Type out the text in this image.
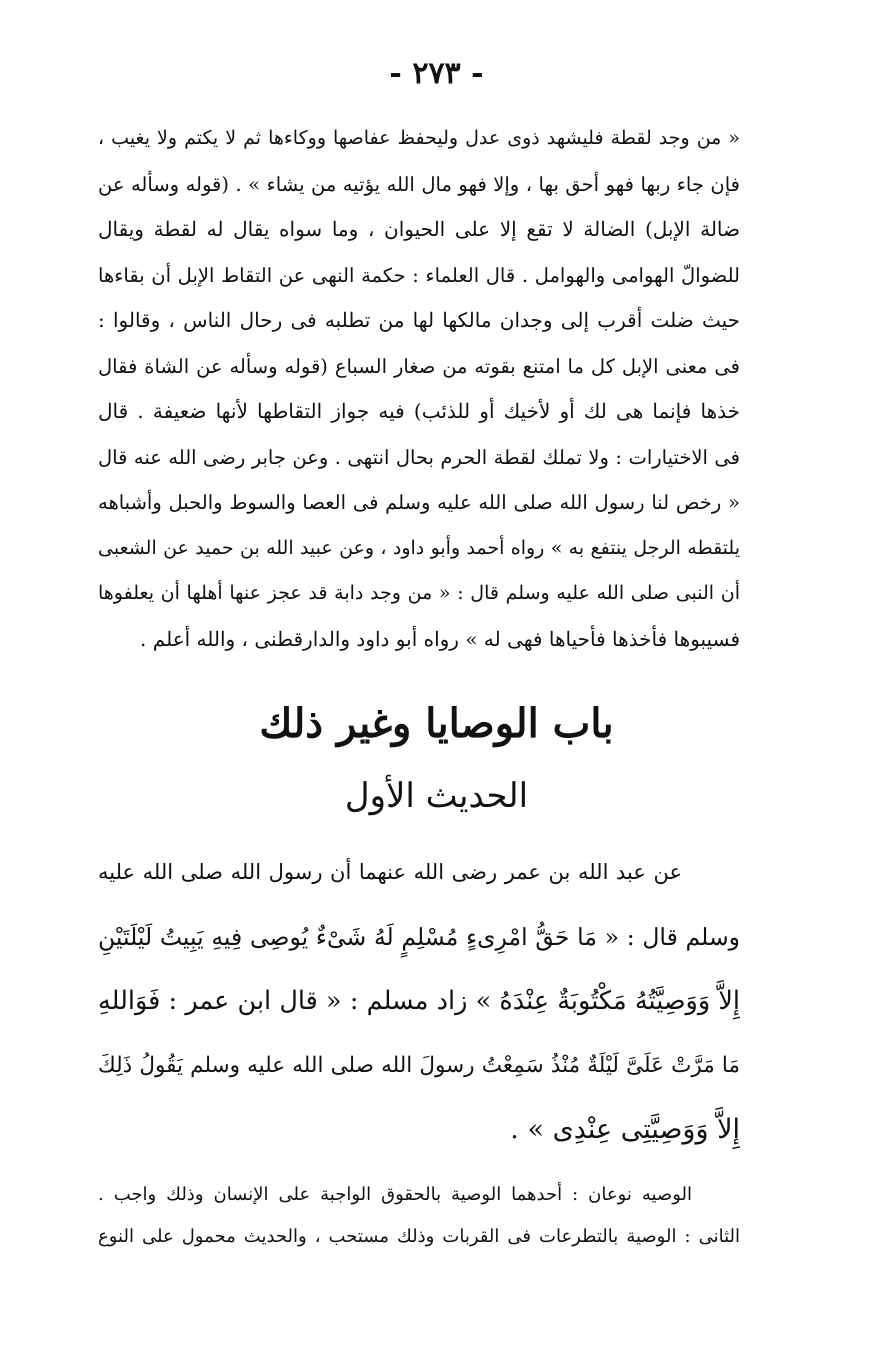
- ٢٧٣ -
« من وجد لقطة فليشهد ذوى عدل وليحفظ عفاصها ووكاءها ثم لا يكتم ولا يغيب ،
فإن جاء ربها فهو أحق بها ، وإلا فهو مال الله يؤتيه من يشاء » . (قوله وسأله عن
ضالة الإبل) الضالة لا تقع إلا على الحيوان ، وما سواه يقال له لقطة ويقال
للضوالّ الهوامى والهوامل . قال العلماء : حكمة النهى عن التقاط الإبل أن بقاءها
حيث ضلت أقرب إلى وجدان مالكها لها من تطلبه فى رحال الناس ، وقالوا :
فى معنى الإبل كل ما امتنع بقوته من صغار السباع (قوله وسأله عن الشاة فقال
خذها فإنما هى لك أو لأخيك أو للذئب) فيه جواز التقاطها لأنها ضعيفة . قال
فى الاختيارات : ولا تملك لقطة الحرم بحال انتهى . وعن جابر رضى الله عنه قال
« رخص لنا رسول الله صلى الله عليه وسلم فى العصا والسوط والحبل وأشباهه
يلتقطه الرجل ينتفع به » رواه أحمد وأبو داود ، وعن عبيد الله بن حميد عن الشعبى
أن النبى صلى الله عليه وسلم قال : « من وجد دابة قد عجز عنها أهلها أن يعلفوها
فسيبوها فأخذها فأحياها فهى له » رواه أبو داود والدارقطنى ، والله أعلم .
باب الوصايا وغير ذلك
الحديث الأول
عن عبد الله بن عمر رضى الله عنهما أن رسول الله صلى الله عليه
وسلم قال : « مَا حَقُّ امْرِىءٍ مُسْلِمٍ لَهُ شَىْءٌ يُوصِى فِيهِ يَبِيتُ لَيْلَتَيْنِ
إِلاَّ وَوَصِيَّتُهُ مَكْتُوبَةٌ عِنْدَهُ » زاد مسلم : « قال ابن عمر : فَوَاللهِ
مَا مَرَّتْ عَلَىَّ لَيْلَةٌ مُنْذُ سَمِعْتُ رسولَ الله صلى الله عليه وسلم يَقُولُ ذَلِكَ
إِلاَّ وَوَصِيَّتِى عِنْدِى » .
الوصيه نوعان : أحدهما الوصية بالحقوق الواجبة على الإنسان وذلك واجب .
الثانى : الوصية بالتطرعات فى القربات وذلك مستحب ، والحديث محمول على النوع
